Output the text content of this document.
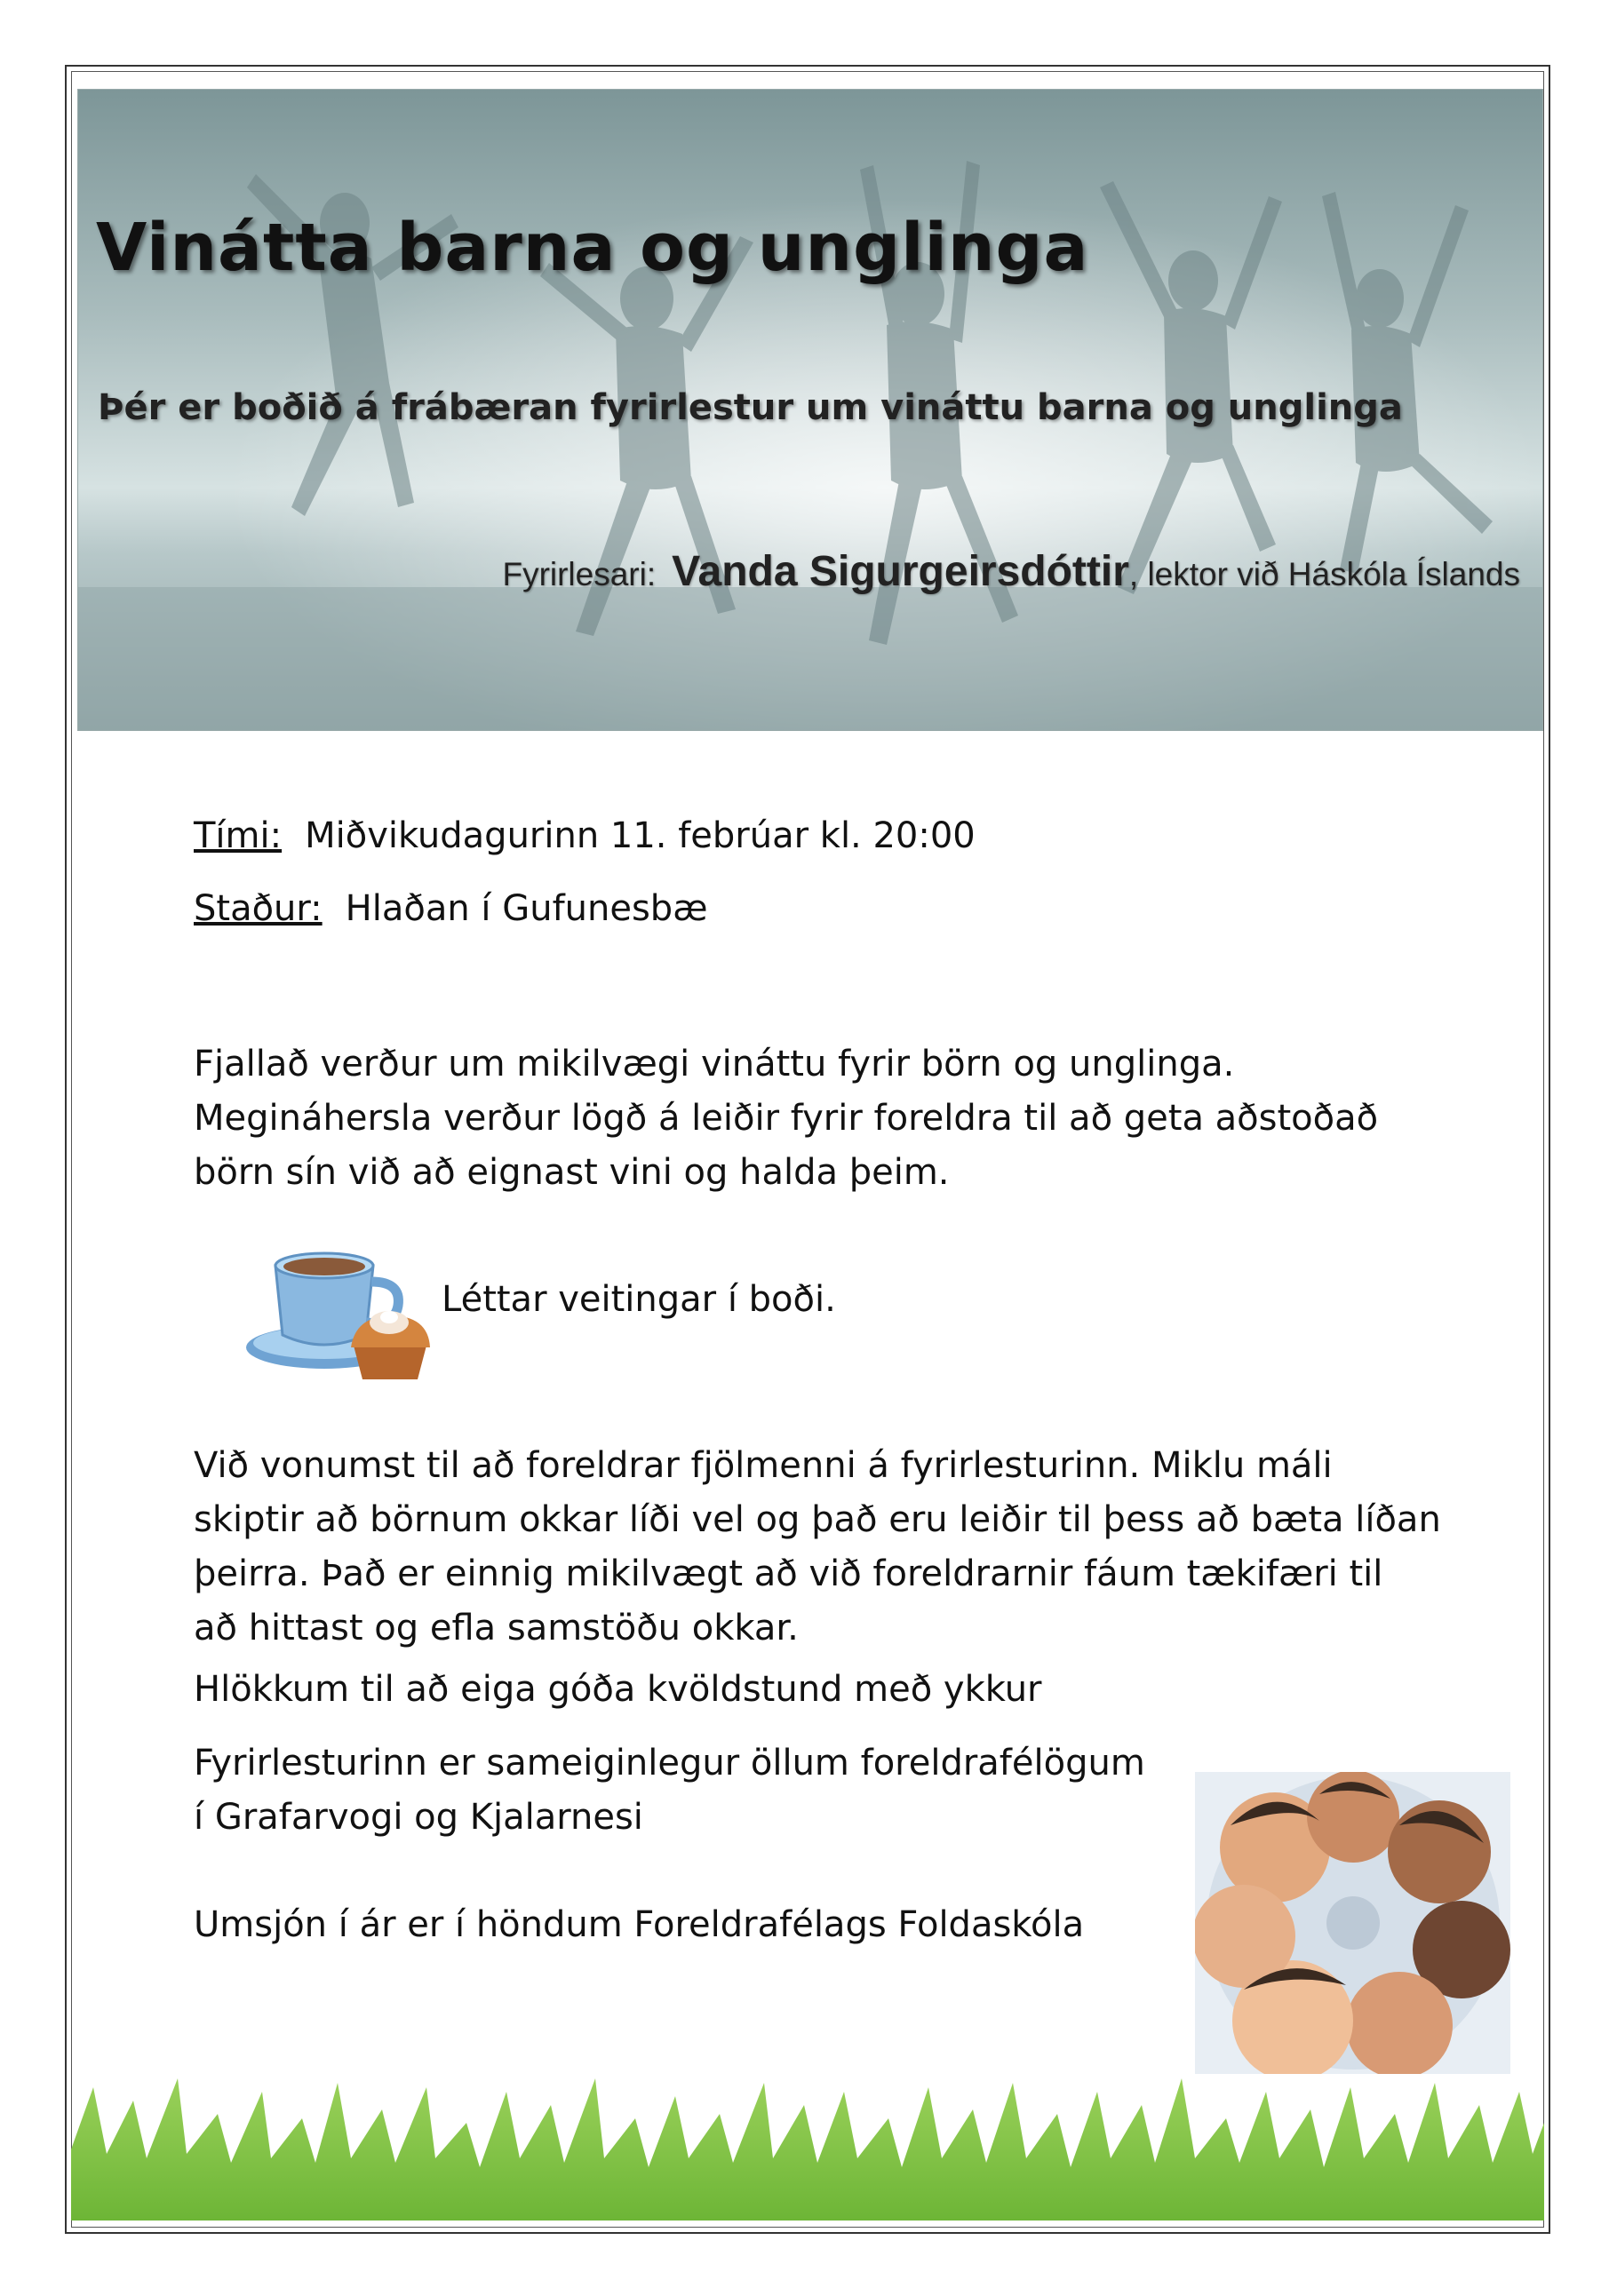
Vinátta barna og unglinga

Þér er boðið á frábæran fyrirlestur um vináttu barna og unglinga

Fyrirlesari: Vanda Sigurgeirsdóttir, lektor við Háskóla Íslands
Tími: Miðvikudagurinn 11. febrúar kl. 20:00
Staður: Hlaðan í Gufunesbæ

Fjallað verður um mikilvægi vináttu fyrir börn og unglinga.
Megináhersla verður lögð á leiðir fyrir foreldra til að geta aðstoðað
börn sín við að eignast vini og halda þeim.

Léttar veitingar í boði.

Við vonumst til að foreldrar fjölmenni á fyrirlesturinn. Miklu máli
skiptir að börnum okkar líði vel og það eru leiðir til þess að bæta líðan
þeirra. Það er einnig mikilvægt að við foreldrarnir fáum tækifæri til
að hittast og efla samstöðu okkar.

Hlökkum til að eiga góða kvöldstund með ykkur

Fyrirlesturinn er sameiginlegur öllum foreldrafélögum
í Grafarvogi og Kjalarnesi

Umsjón í ár er í höndum Foreldrafélags Foldaskóla
